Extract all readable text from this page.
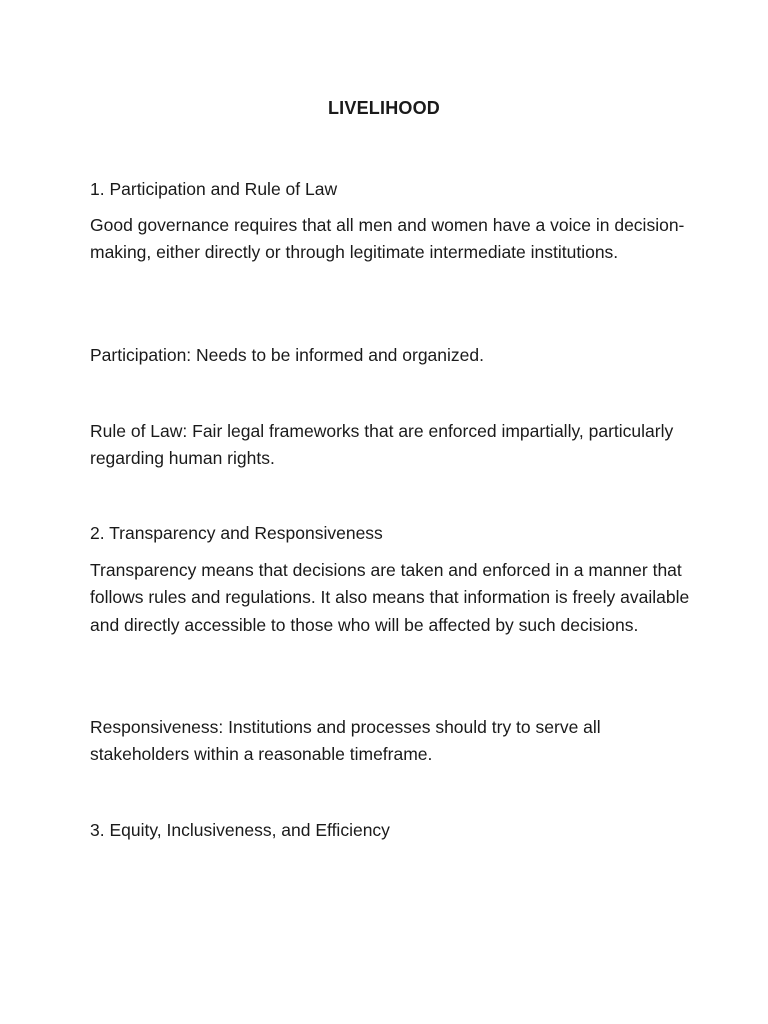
LIVELIHOOD

1. Participation and Rule of Law

Good governance requires that all men and women have a voice in decision-making, either directly or through legitimate intermediate institutions.

Participation: Needs to be informed and organized.

Rule of Law: Fair legal frameworks that are enforced impartially, particularly regarding human rights.

2. Transparency and Responsiveness

Transparency means that decisions are taken and enforced in a manner that follows rules and regulations. It also means that information is freely available and directly accessible to those who will be affected by such decisions.

Responsiveness: Institutions and processes should try to serve all stakeholders within a reasonable timeframe.

3. Equity, Inclusiveness, and Efficiency
